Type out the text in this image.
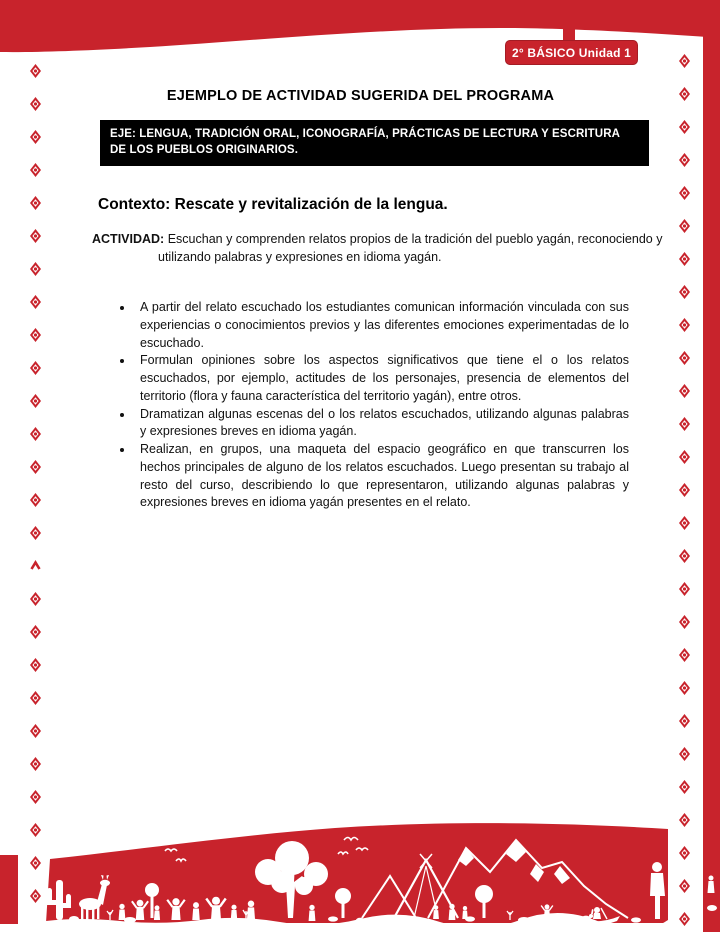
2° BÁSICO Unidad 1
EJEMPLO DE ACTIVIDAD SUGERIDA DEL PROGRAMA
EJE: LENGUA, TRADICIÓN ORAL, ICONOGRAFÍA, PRÁCTICAS DE LECTURA Y ESCRITURA DE LOS PUEBLOS ORIGINARIOS.
Contexto: Rescate y revitalización de la lengua.
ACTIVIDAD: Escuchan y comprenden relatos propios de la tradición del pueblo yagán, reconociendo y utilizando palabras y expresiones en idioma yagán.
• A partir del relato escuchado los estudiantes comunican información vinculada con sus experiencias o conocimientos previos y las diferentes emociones experimentadas de lo escuchado.
• Formulan opiniones sobre los aspectos significativos que tiene el o los relatos escuchados, por ejemplo, actitudes de los personajes, presencia de elementos del territorio (flora y fauna característica del territorio yagán), entre otros.
• Dramatizan algunas escenas del o los relatos escuchados, utilizando algunas palabras y expresiones breves en idioma yagán.
• Realizan, en grupos, una maqueta del espacio geográfico en que transcurren los hechos principales de alguno de los relatos escuchados. Luego presentan su trabajo al resto del curso, describiendo lo que representaron, utilizando algunas palabras y expresiones breves en idioma yagán presentes en el relato.
